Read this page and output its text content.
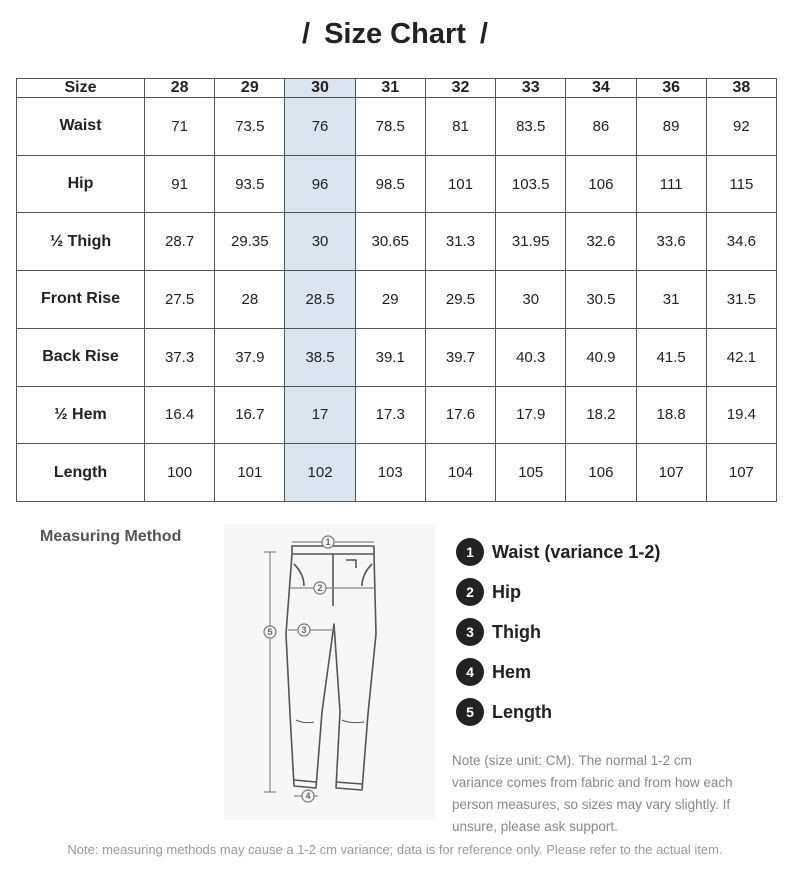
/ Size Chart /
Size	28	29	30	31	32	33	34	36	38
Waist	71	73.5	76	78.5	81	83.5	86	89	92
Hip	91	93.5	96	98.5	101	103.5	106	111	115
½ Thigh	28.7	29.35	30	30.65	31.3	31.95	32.6	33.6	34.6
Front Rise	27.5	28	28.5	29	29.5	30	30.5	31	31.5
Back Rise	37.3	37.9	38.5	39.1	39.7	40.3	40.9	41.5	42.1
½ Hem	16.4	16.7	17	17.3	17.6	17.9	18.2	18.8	19.4
Length	100	101	102	103	104	105	106	107	107
Measuring Method	1
2
3
4
5
1	Waist (variance 1-2)
2	Hip
3	Thigh
4	Hem
5	Length
Note (size unit: CM). The normal 1-2 cm variance comes from fabric and from how each person measures, so sizes may vary slightly. If unsure, please ask support.
Note: measuring methods may cause a 1-2 cm variance; data is for reference only. Please refer to the actual item.
